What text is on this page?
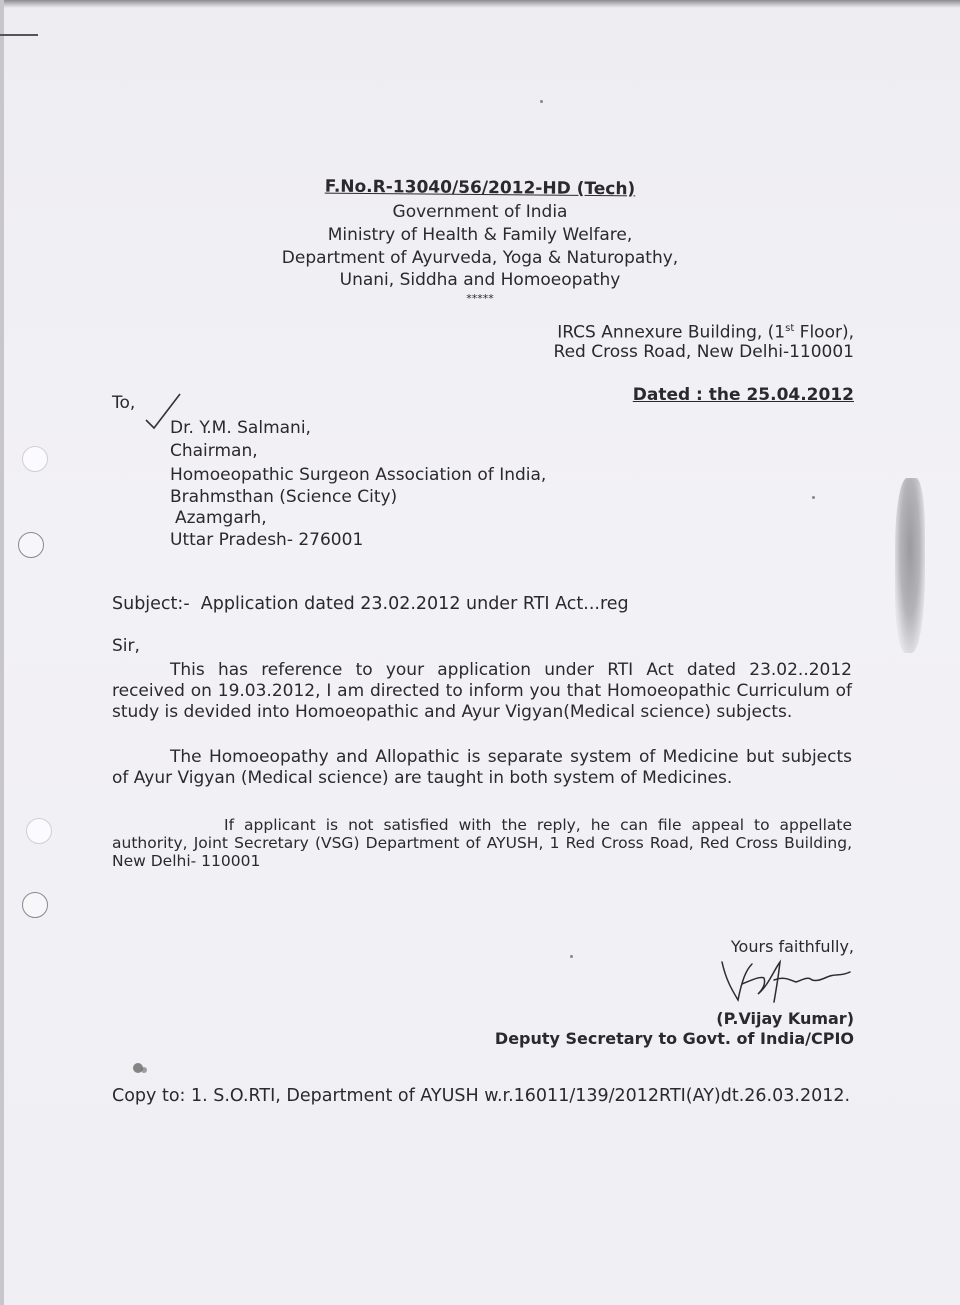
F.No.R-13040/56/2012-HD (Tech)
Government of India
Ministry of Health & Family Welfare,
Department of Ayurveda, Yoga & Naturopathy,
Unani, Siddha and Homoeopathy
*****
IRCS Annexure Building, (1st Floor),
Red Cross Road, New Delhi-110001
Dated : the 25.04.2012
To,
Dr. Y.M. Salmani,
Chairman,
Homoeopathic Surgeon Association of India,
Brahmsthan (Science City)
Azamgarh,
Uttar Pradesh- 276001
Subject:- Application dated 23.02.2012 under RTI Act...reg
Sir,
This has reference to your application under RTI Act dated 23.02..2012 received on 19.03.2012, I am directed to inform you that Homoeopathic Curriculum of study is devided into Homoeopathic and Ayur Vigyan(Medical science) subjects.
The Homoeopathy and Allopathic is separate system of Medicine but subjects of Ayur Vigyan (Medical science) are taught in both system of Medicines.
If applicant is not satisfied with the reply, he can file appeal to appellate authority, Joint Secretary (VSG) Department of AYUSH, 1 Red Cross Road, Red Cross Building, New Delhi- 110001
Yours faithfully,
(P.Vijay Kumar)
Deputy Secretary to Govt. of India/CPIO
Copy to: 1. S.O.RTI, Department of AYUSH w.r.16011/139/2012RTI(AY)dt.26.03.2012.
